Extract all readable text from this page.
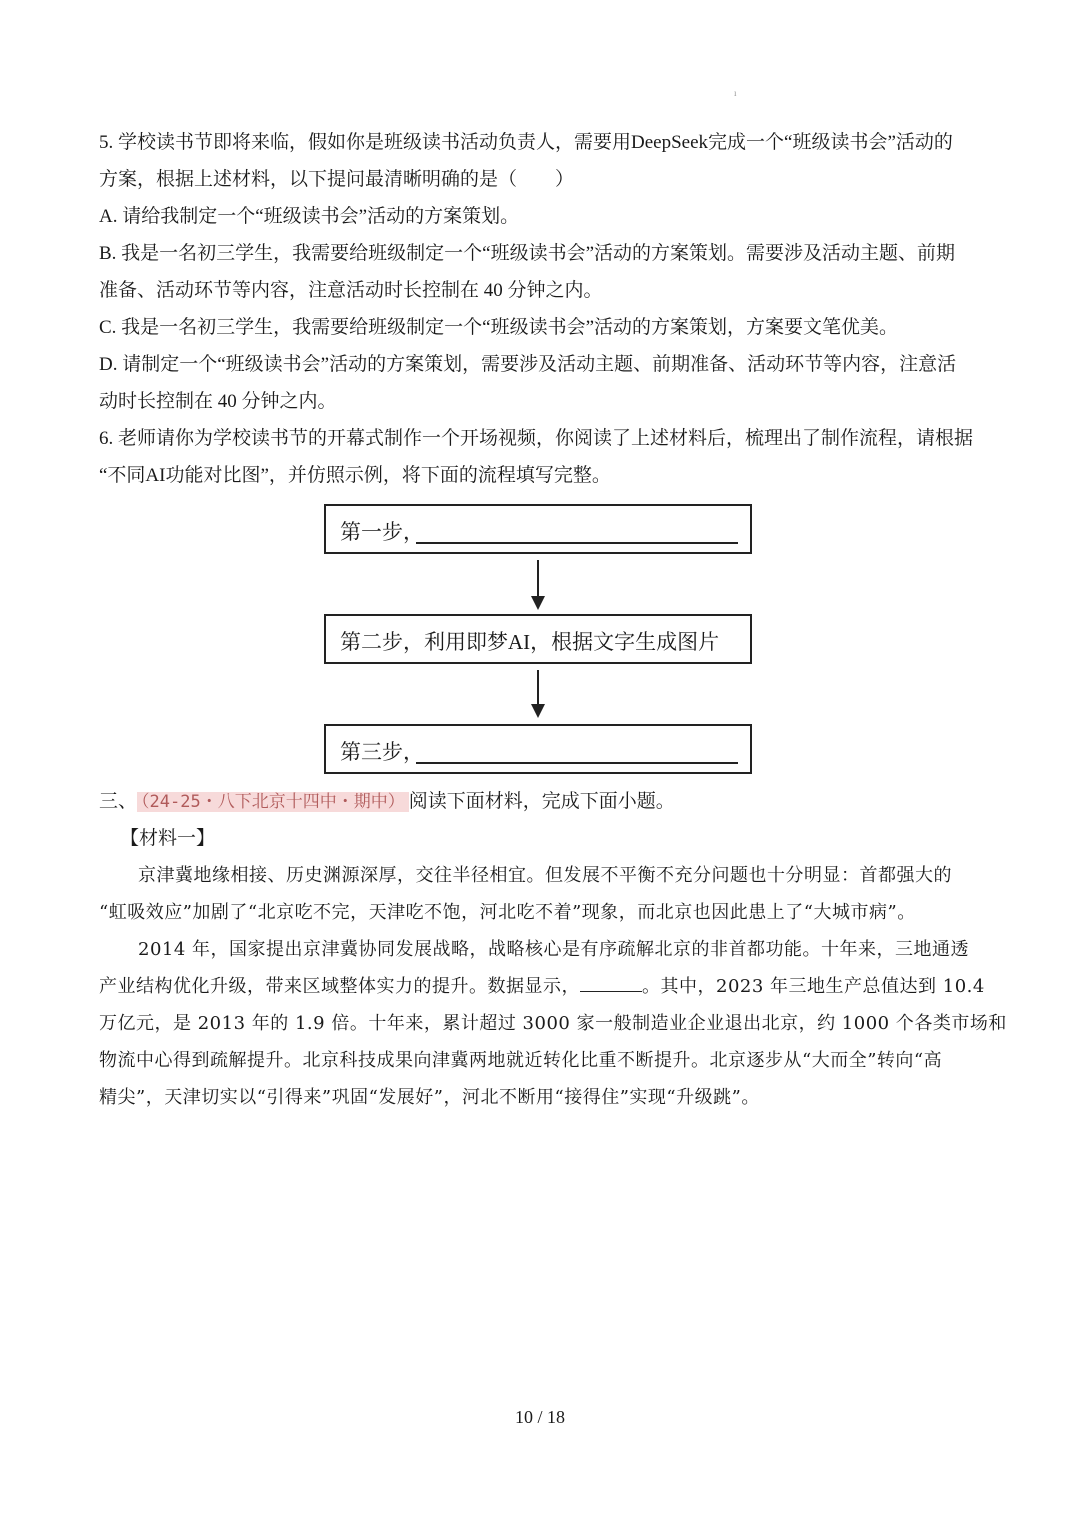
ı
5. 学校读书节即将来临，假如你是班级读书活动负责人，需要用DeepSeek完成一个“班级读书会”活动的
方案，根据上述材料，以下提问最清晰明确的是（　　）
A. 请给我制定一个“班级读书会”活动的方案策划。
B. 我是一名初三学生，我需要给班级制定一个“班级读书会”活动的方案策划。需要涉及活动主题、前期
准备、活动环节等内容，注意活动时长控制在 40 分钟之内。
C. 我是一名初三学生，我需要给班级制定一个“班级读书会”活动的方案策划，方案要文笔优美。
D. 请制定一个“班级读书会”活动的方案策划，需要涉及活动主题、前期准备、活动环节等内容，注意活
动时长控制在 40 分钟之内。
6. 老师请你为学校读书节的开幕式制作一个开场视频，你阅读了上述材料后，梳理出了制作流程，请根据
“不同AI功能对比图”，并仿照示例，将下面的流程填写完整。
第一步，
第二步，利用即梦AI，根据文字生成图片
第三步，
三、 （24-25・八下北京十四中・期中） 阅读下面材料，完成下面小题。
【材料一】
京津冀地缘相接、历史渊源深厚，交往半径相宜。但发展不平衡不充分问题也十分明显：首都强大的
“虹吸效应”加剧了“北京吃不完，天津吃不饱，河北吃不着”现象，而北京也因此患上了“大城市病”。
2014 年，国家提出京津冀协同发展战略，战略核心是有序疏解北京的非首都功能。十年来，三地通透
产业结构优化升级，带来区域整体实力的提升。数据显示，	。其中，2023 年三地生产总值达到 10.4
万亿元，是 2013 年的 1.9 倍。十年来，累计超过 3000 家一般制造业企业退出北京，约 1000 个各类市场和
物流中心得到疏解提升。北京科技成果向津冀两地就近转化比重不断提升。北京逐步从“大而全”转向“高
精尖”，天津切实以“引得来”巩固“发展好”，河北不断用“接得住”实现“升级跳”。
10 / 18
